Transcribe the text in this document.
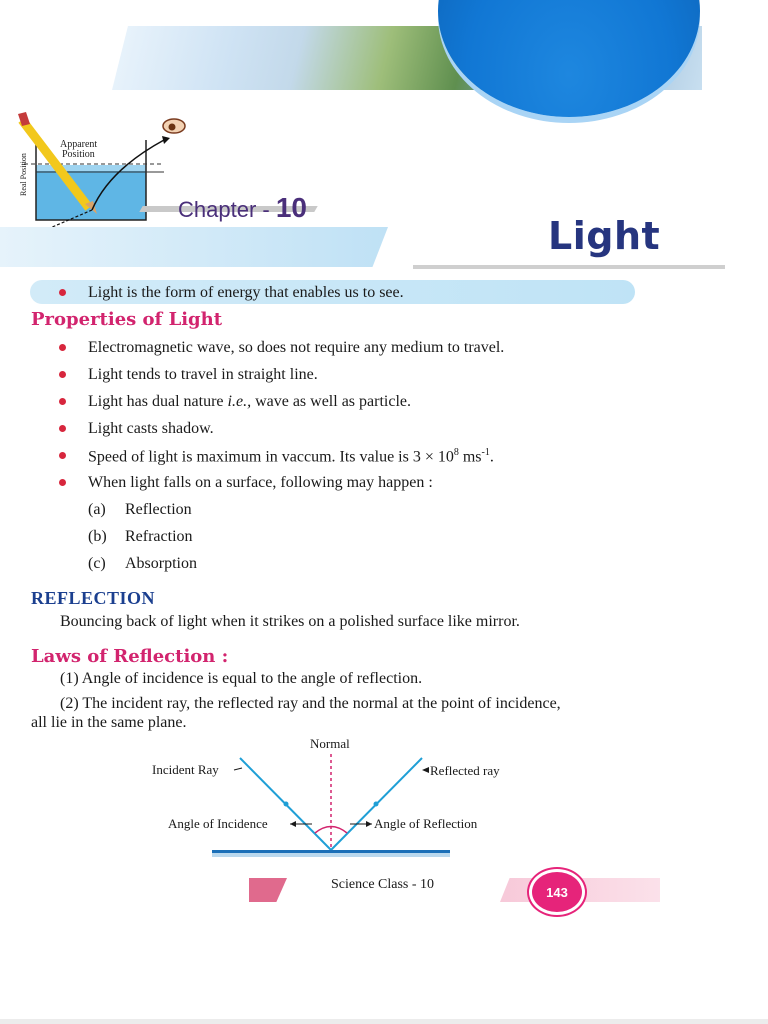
Apparent
Position
Real Position
Chapter - 10
Light
Light is the form of energy that enables us to see.
Properties of Light
Electromagnetic wave, so does not require any medium to travel.
Light tends to travel in straight line.
Light has dual nature i.e., wave as well as particle.
Light casts shadow.
Speed of light is maximum in vaccum. Its value is $3 \times 10^8$ $ms^{-1}$.
When light falls on a surface, following may happen :
(a) Reflection
(b) Refraction
(c) Absorption
REFLECTION
Bouncing back of light when it strikes on a polished surface like mirror.
Laws of Reflection :
(1) Angle of incidence is equal to the angle of reflection.
(2) The incident ray, the reflected ray and the normal at the point of incidence,
all lie in the same plane.
Normal
Incident Ray	Reflected ray
Angle of Incidence	Angle of Reflection
Science Class - 10	143
